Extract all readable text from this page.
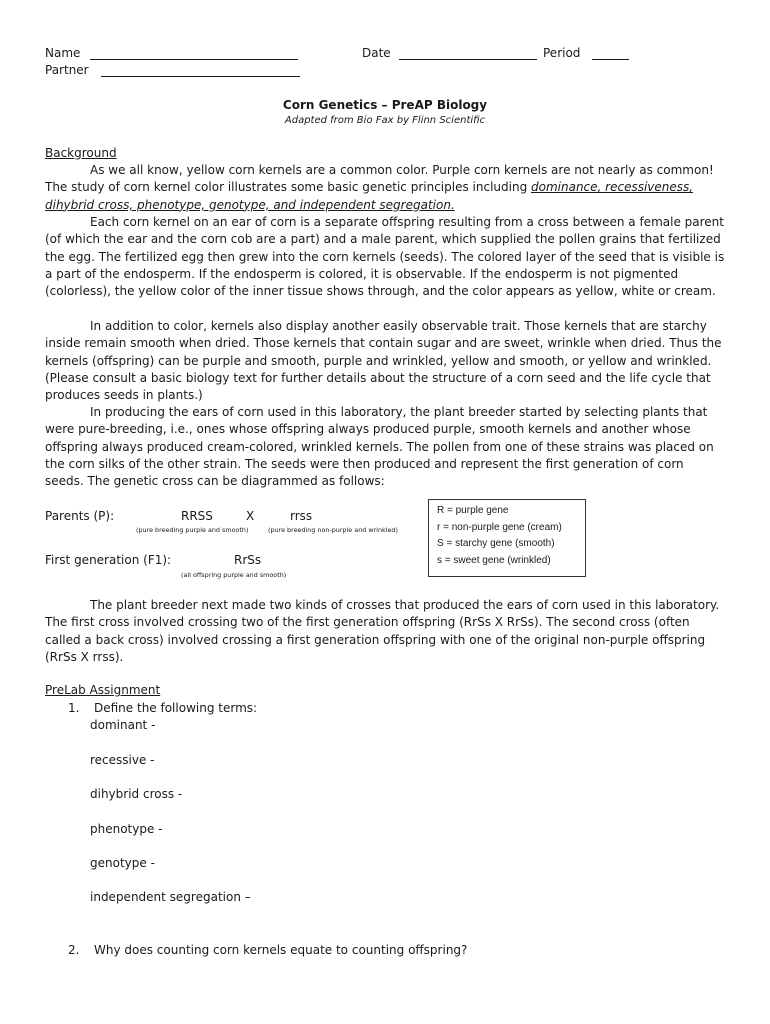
Name	Date	Period
Partner
Corn Genetics – PreAP Biology
Adapted from Bio Fax by Flinn Scientific
Background

As we all know, yellow corn kernels are a common color. Purple corn kernels are not nearly as common! The study of corn kernel color illustrates some basic genetic principles including dominance, recessiveness, dihybrid cross, phenotype, genotype, and independent segregation.

Each corn kernel on an ear of corn is a separate offspring resulting from a cross between a female parent (of which the ear and the corn cob are a part) and a male parent, which supplied the pollen grains that fertilized the egg. The fertilized egg then grew into the corn kernels (seeds). The colored layer of the seed that is visible is a part of the endosperm. If the endosperm is colored, it is observable. If the endosperm is not pigmented (colorless), the yellow color of the inner tissue shows through, and the color appears as yellow, white or cream.

In addition to color, kernels also display another easily observable trait. Those kernels that are starchy inside remain smooth when dried. Those kernels that contain sugar and are sweet, wrinkle when dried. Thus the kernels (offspring) can be purple and smooth, purple and wrinkled, yellow and smooth, or yellow and wrinkled. (Please consult a basic biology text for further details about the structure of a corn seed and the life cycle that produces seeds in plants.)

In producing the ears of corn used in this laboratory, the plant breeder started by selecting plants that were pure-breeding, i.e., ones whose offspring always produced purple, smooth kernels and another whose offspring always produced cream-colored, wrinkled kernels. The pollen from one of these strains was placed on the corn silks of the other strain. The seeds were then produced and represent the first generation of corn seeds. The genetic cross can be diagrammed as follows:

Parents (P):	RRSS	X	rrss
(pure breeding purple and smooth)	(pure breeding non-purple and wrinkled)
First generation (F1):	RrSs
(all offspring purple and smooth)
R = purple gene
r = non-purple gene (cream)
S = starchy gene (smooth)
s = sweet gene (wrinkled)

The plant breeder next made two kinds of crosses that produced the ears of corn used in this laboratory. The first cross involved crossing two of the first generation offspring (RrSs X RrSs). The second cross (often called a back cross) involved crossing a first generation offspring with one of the original non-purple offspring (RrSs X rrss).

PreLab Assignment
1. Define the following terms:
dominant -
recessive -
dihybrid cross -
phenotype -
genotype -
independent segregation –
2. Why does counting corn kernels equate to counting offspring?
